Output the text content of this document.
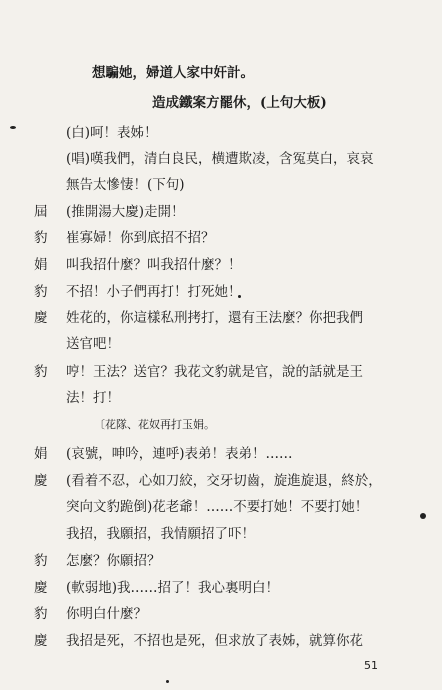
51
想騙她，婦道人家中奸計。
造成鐵案方罷休，(上句大板)
(白)呵！表姊！
(唱)嘆我們，清白良民，横遭欺凌，含冤莫白，哀哀
無告太慘悽！(下句)
屆 (推開湯大慶)走開！
豹 崔寡婦！你到底招不招？
娟 叫我招什麼？叫我招什麼？！
豹 不招！小子們再打！打死她！
慶 姓花的，你這樣私刑拷打，還有王法麼？你把我們
送官吧！
豹 哼！王法？送官？我花文豹就是官，說的話就是王
法！打！
〔花隊、花奴再打玉娟。
娟 (哀號，呻吟，連呼)表弟！表弟！……
慶 (看着不忍，心如刀絞，交牙切齒，旋進旋退，終於，
突向文豹跪倒)花老爺！……不要打她！不要打她！
我招，我願招，我情願招了吓！
豹 怎麼？你願招？
慶 (軟弱地)我……招了！我心裏明白！
豹 你明白什麼？
慶 我招是死，不招也是死，但求放了表姊，就算你花
